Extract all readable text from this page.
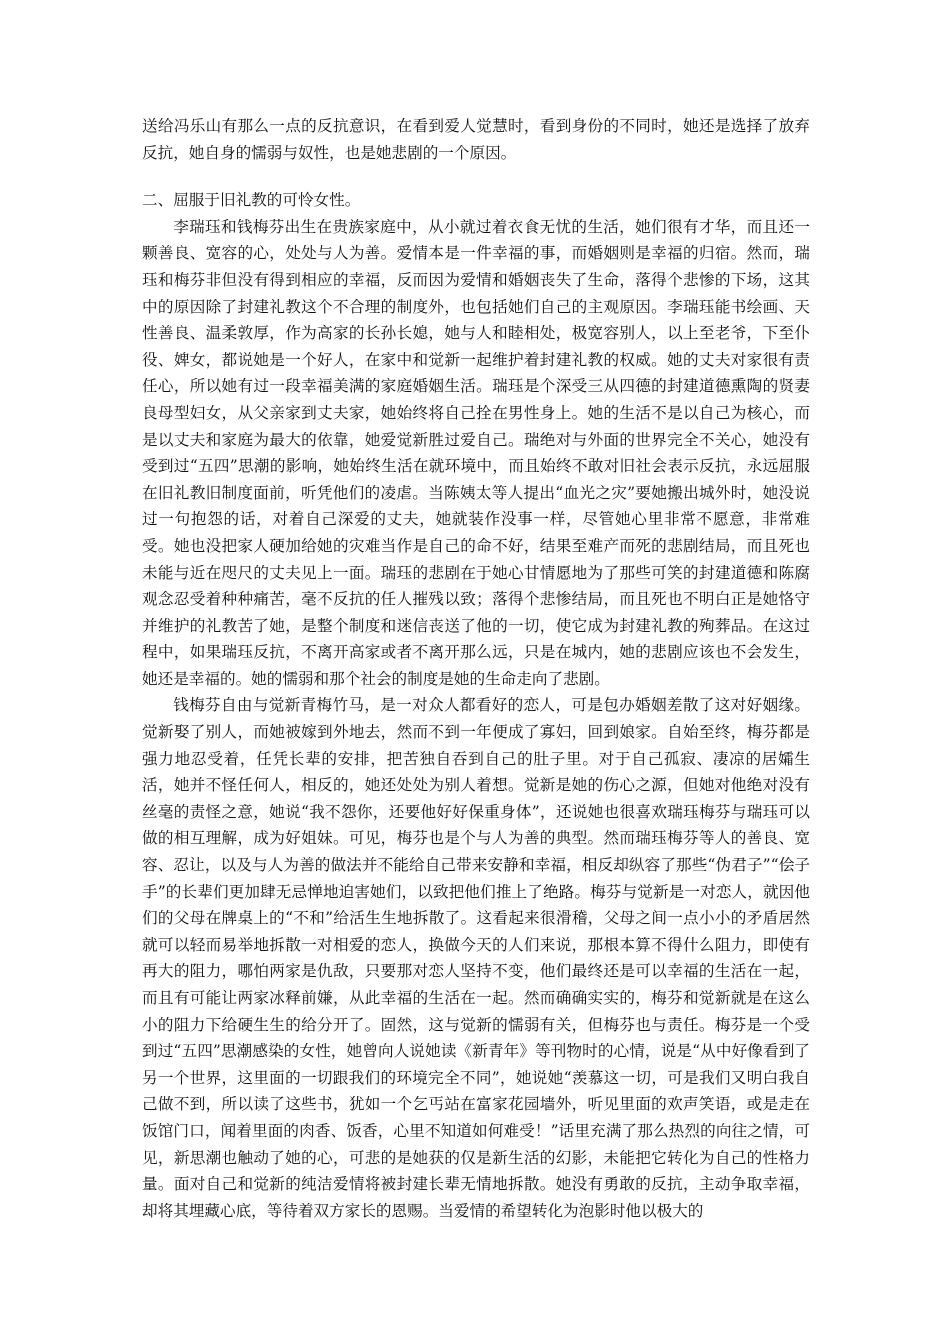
送给冯乐山有那么一点的反抗意识，在看到爱人觉慧时，看到身份的不同时，她还是选择了放弃反抗，她自身的懦弱与奴性，也是她悲剧的一个原因。

二、屈服于旧礼教的可怜女性。

李瑞珏和钱梅芬出生在贵族家庭中，从小就过着衣食无忧的生活，她们很有才华，而且还一颗善良、宽容的心，处处与人为善。爱情本是一件幸福的事，而婚姻则是幸福的归宿。然而，瑞珏和梅芬非但没有得到相应的幸福，反而因为爱情和婚姻丧失了生命，落得个悲惨的下场，这其中的原因除了封建礼教这个不合理的制度外，也包括她们自己的主观原因。李瑞珏能书绘画、天性善良、温柔敦厚，作为高家的长孙长媳，她与人和睦相处，极宽容别人，以上至老爷，下至仆役、婢女，都说她是一个好人，在家中和觉新一起维护着封建礼教的权威。她的丈夫对家很有责任心，所以她有过一段幸福美满的家庭婚姻生活。瑞珏是个深受三从四德的封建道德熏陶的贤妻良母型妇女，从父亲家到丈夫家，她始终将自己拴在男性身上。她的生活不是以自己为核心，而是以丈夫和家庭为最大的依靠，她爱觉新胜过爱自己。瑞绝对与外面的世界完全不关心，她没有受到过“五四”思潮的影响，她始终生活在就环境中，而且始终不敢对旧社会表示反抗，永远屈服在旧礼教旧制度面前，听凭他们的凌虐。当陈姨太等人提出“血光之灾”要她搬出城外时，她没说过一句抱怨的话，对着自己深爱的丈夫，她就装作没事一样，尽管她心里非常不愿意，非常难受。她也没把家人硬加给她的灾难当作是自己的命不好，结果至难产而死的悲剧结局，而且死也未能与近在咫尺的丈夫见上一面。瑞珏的悲剧在于她心甘情愿地为了那些可笑的封建道德和陈腐观念忍受着种种痛苦，毫不反抗的任人摧残以致；落得个悲惨结局，而且死也不明白正是她恪守并维护的礼教苦了她，是整个制度和迷信丧送了他的一切，使它成为封建礼教的殉葬品。在这过程中，如果瑞珏反抗，不离开高家或者不离开那么远，只是在城内，她的悲剧应该也不会发生，她还是幸福的。她的懦弱和那个社会的制度是她的生命走向了悲剧。

钱梅芬自由与觉新青梅竹马，是一对众人都看好的恋人，可是包办婚姻差散了这对好姻缘。觉新娶了别人，而她被嫁到外地去，然而不到一年便成了寡妇，回到娘家。自始至终，梅芬都是强力地忍受着，任凭长辈的安排，把苦独自吞到自己的肚子里。对于自己孤寂、凄凉的居孀生活，她并不怪任何人，相反的，她还处处为别人着想。觉新是她的伤心之源，但她对他绝对没有丝毫的责怪之意，她说“我不怨你，还要他好好保重身体”，还说她也很喜欢瑞珏梅芬与瑞珏可以做的相互理解，成为好姐妹。可见，梅芬也是个与人为善的典型。然而瑞珏梅芬等人的善良、宽容、忍让，以及与人为善的做法并不能给自己带来安静和幸福，相反却纵容了那些“伪君子”“侩子手”的长辈们更加肆无忌惮地迫害她们，以致把他们推上了绝路。梅芬与觉新是一对恋人，就因他们的父母在牌桌上的“不和”给活生生地拆散了。这看起来很滑稽，父母之间一点小小的矛盾居然就可以轻而易举地拆散一对相爱的恋人，换做今天的人们来说，那根本算不得什么阻力，即使有再大的阻力，哪怕两家是仇敌，只要那对恋人坚持不变，他们最终还是可以幸福的生活在一起，而且有可能让两家冰释前嫌，从此幸福的生活在一起。然而确确实实的，梅芬和觉新就是在这么小的阻力下给硬生生的给分开了。固然，这与觉新的懦弱有关，但梅芬也与责任。梅芬是一个受到过“五四”思潮感染的女性，她曾向人说她读《新青年》等刊物时的心情，说是“从中好像看到了另一个世界，这里面的一切跟我们的环境完全不同”，她说她“羡慕这一切，可是我们又明白我自己做不到，所以读了这些书，犹如一个乞丐站在富家花园墙外，听见里面的欢声笑语，或是走在饭馆门口，闻着里面的肉香、饭香，心里不知道如何难受！”话里充满了那么热烈的向往之情，可见，新思潮也触动了她的心，可悲的是她获的仅是新生活的幻影，未能把它转化为自己的性格力量。面对自己和觉新的纯洁爱情将被封建长辈无情地拆散。她没有勇敢的反抗，主动争取幸福，却将其埋藏心底，等待着双方家长的恩赐。当爱情的希望转化为泡影时他以极大的
